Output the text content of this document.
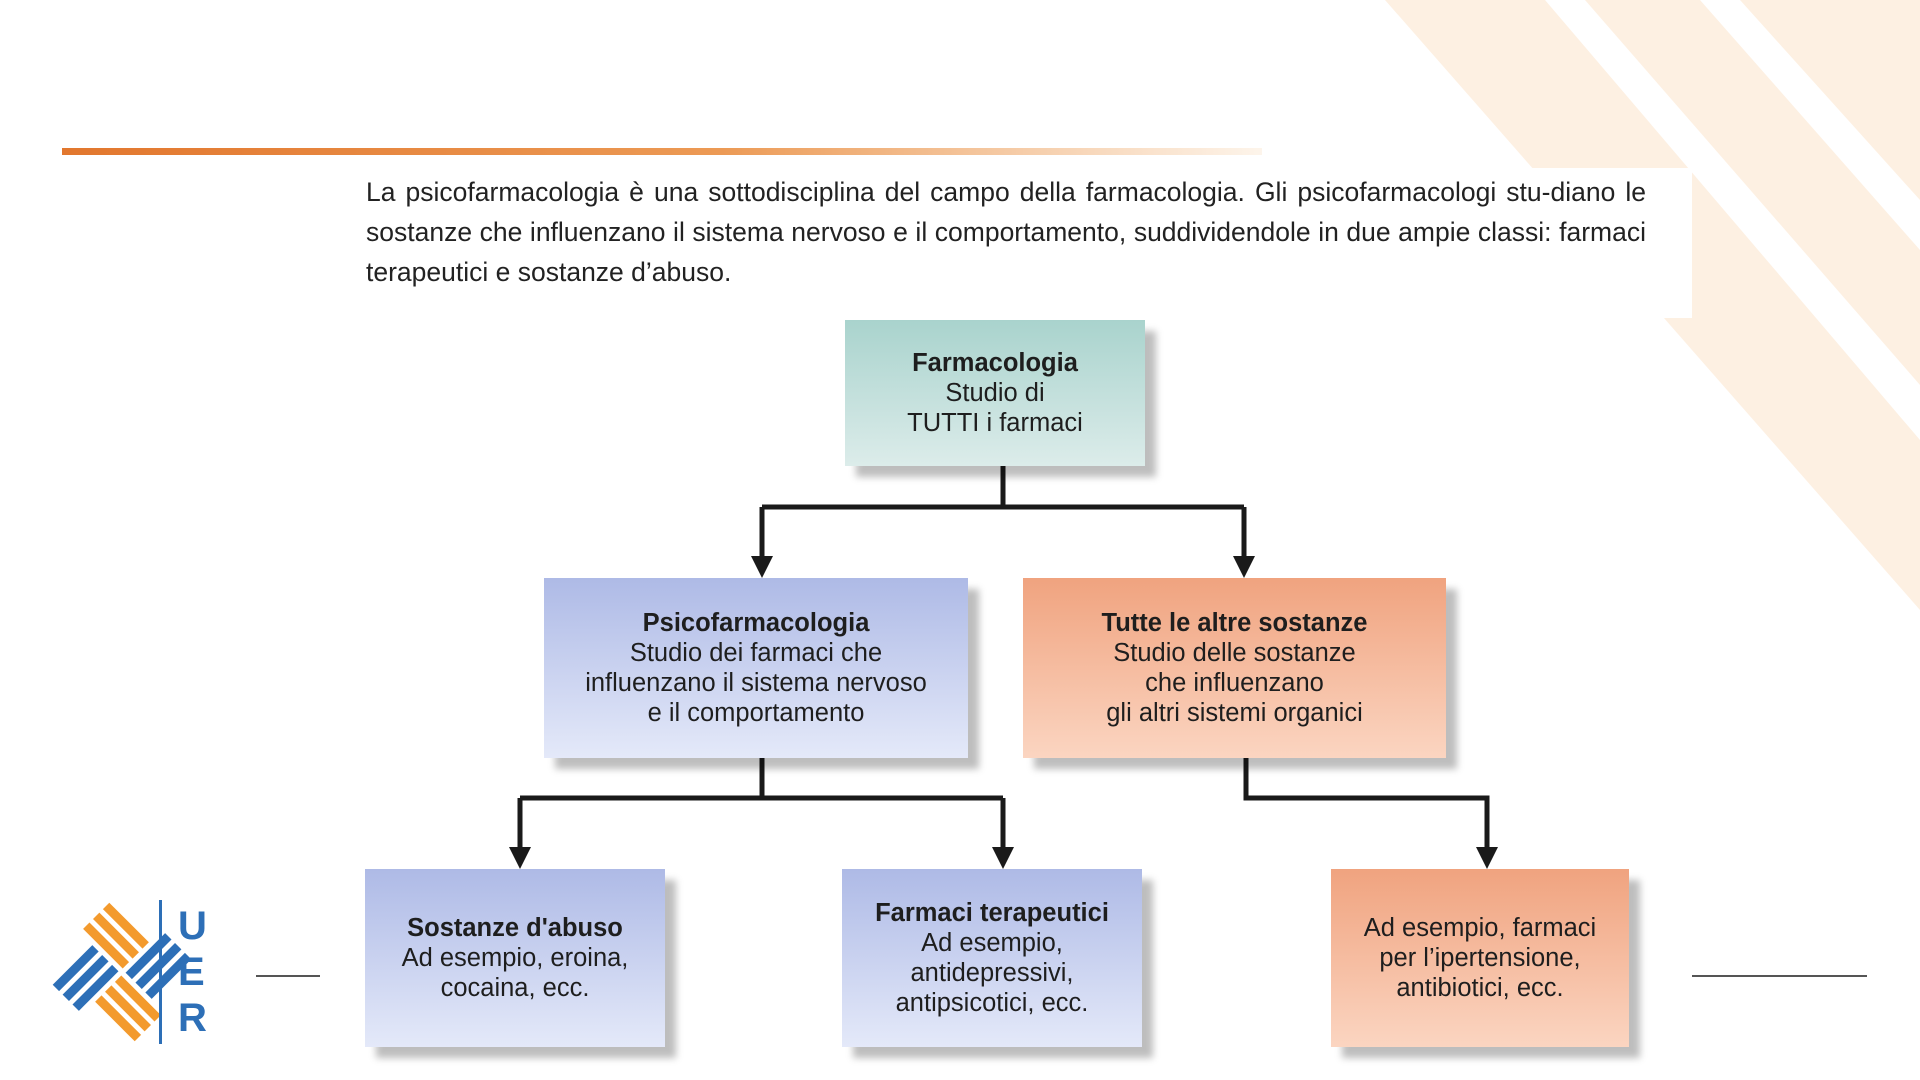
La psicofarmacologia è una sottodisciplina del campo della farmacologia. Gli psicofarmacologi stu-diano le sostanze che influenzano il sistema nervoso e il comportamento, suddividendole in due ampie classi: farmaci terapeutici e sostanze d’abuso.

Farmacologia
Studio di
TUTTI i farmaci
Psicofarmacologia
Studio dei farmaci che
influenzano il sistema nervoso
e il comportamento
Tutte le altre sostanze
Studio delle sostanze
che influenzano
gli altri sistemi organici
Sostanze d'abuso
Ad esempio, eroina,
cocaina, ecc.
Farmaci terapeutici
Ad esempio,
antidepressivi,
antipsicotici, ecc.
Ad esempio, farmaci
per l’ipertensione,
antibiotici, ecc.
U
E
R
